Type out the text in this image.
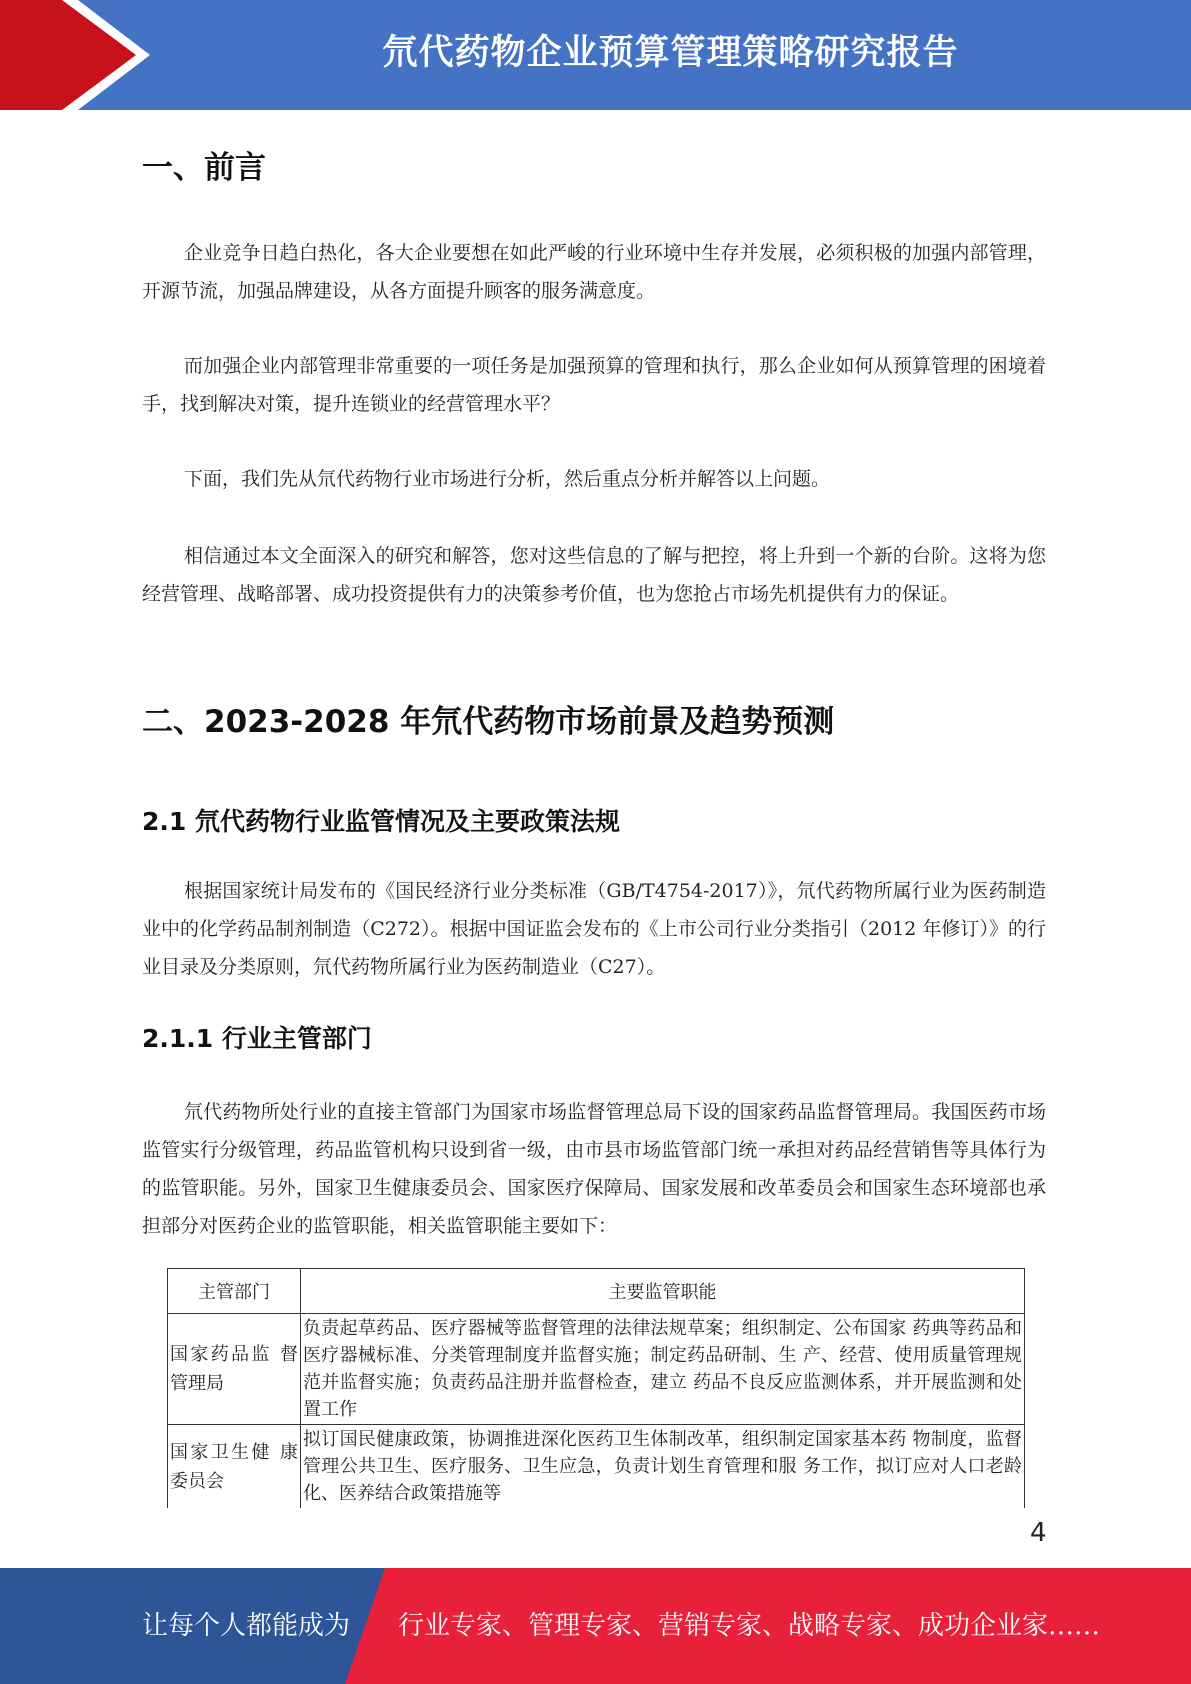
氘代药物企业预算管理策略研究报告
一、前言
企业竞争日趋白热化，各大企业要想在如此严峻的行业环境中生存并发展，必须积极的加强内部管理，开源节流，加强品牌建设，从各方面提升顾客的服务满意度。
而加强企业内部管理非常重要的一项任务是加强预算的管理和执行，那么企业如何从预算管理的困境着手，找到解决对策，提升连锁业的经营管理水平？
下面，我们先从氘代药物行业市场进行分析，然后重点分析并解答以上问题。
相信通过本文全面深入的研究和解答，您对这些信息的了解与把控，将上升到一个新的台阶。这将为您经营管理、战略部署、成功投资提供有力的决策参考价值，也为您抢占市场先机提供有力的保证。
二、2023-2028 年氘代药物市场前景及趋势预测
2.1 氘代药物行业监管情况及主要政策法规
根据国家统计局发布的《国民经济行业分类标准（GB/T4754-2017）》，氘代药物所属行业为医药制造业中的化学药品制剂制造（C272）。根据中国证监会发布的《上市公司行业分类指引（2012 年修订）》的行业目录及分类原则，氘代药物所属行业为医药制造业（C27）。
2.1.1 行业主管部门
氘代药物所处行业的直接主管部门为国家市场监督管理总局下设的国家药品监督管理局。我国医药市场监管实行分级管理，药品监管机构只设到省一级，由市县市场监管部门统一承担对药品经营销售等具体行为的监管职能。另外，国家卫生健康委员会、国家医疗保障局、国家发展和改革委员会和国家生态环境部也承担部分对医药企业的监管职能，相关监管职能主要如下：
主管部门	主要监管职能
国家药品监 督管理局	负责起草药品、医疗器械等监督管理的法律法规草案；组织制定、公布国家 药典等药品和医疗器械标准、分类管理制度并监督实施；制定药品研制、生 产、经营、使用质量管理规范并监督实施；负责药品注册并监督检查，建立 药品不良反应监测体系，并开展监测和处置工作
国家卫生健 康委员会	拟订国民健康政策，协调推进深化医药卫生体制改革，组织制定国家基本药 物制度，监督管理公共卫生、医疗服务、卫生应急，负责计划生育管理和服 务工作，拟订应对人口老龄化、医养结合政策措施等
4
让每个人都能成为 行业专家、管理专家、营销专家、战略专家、成功企业家……
